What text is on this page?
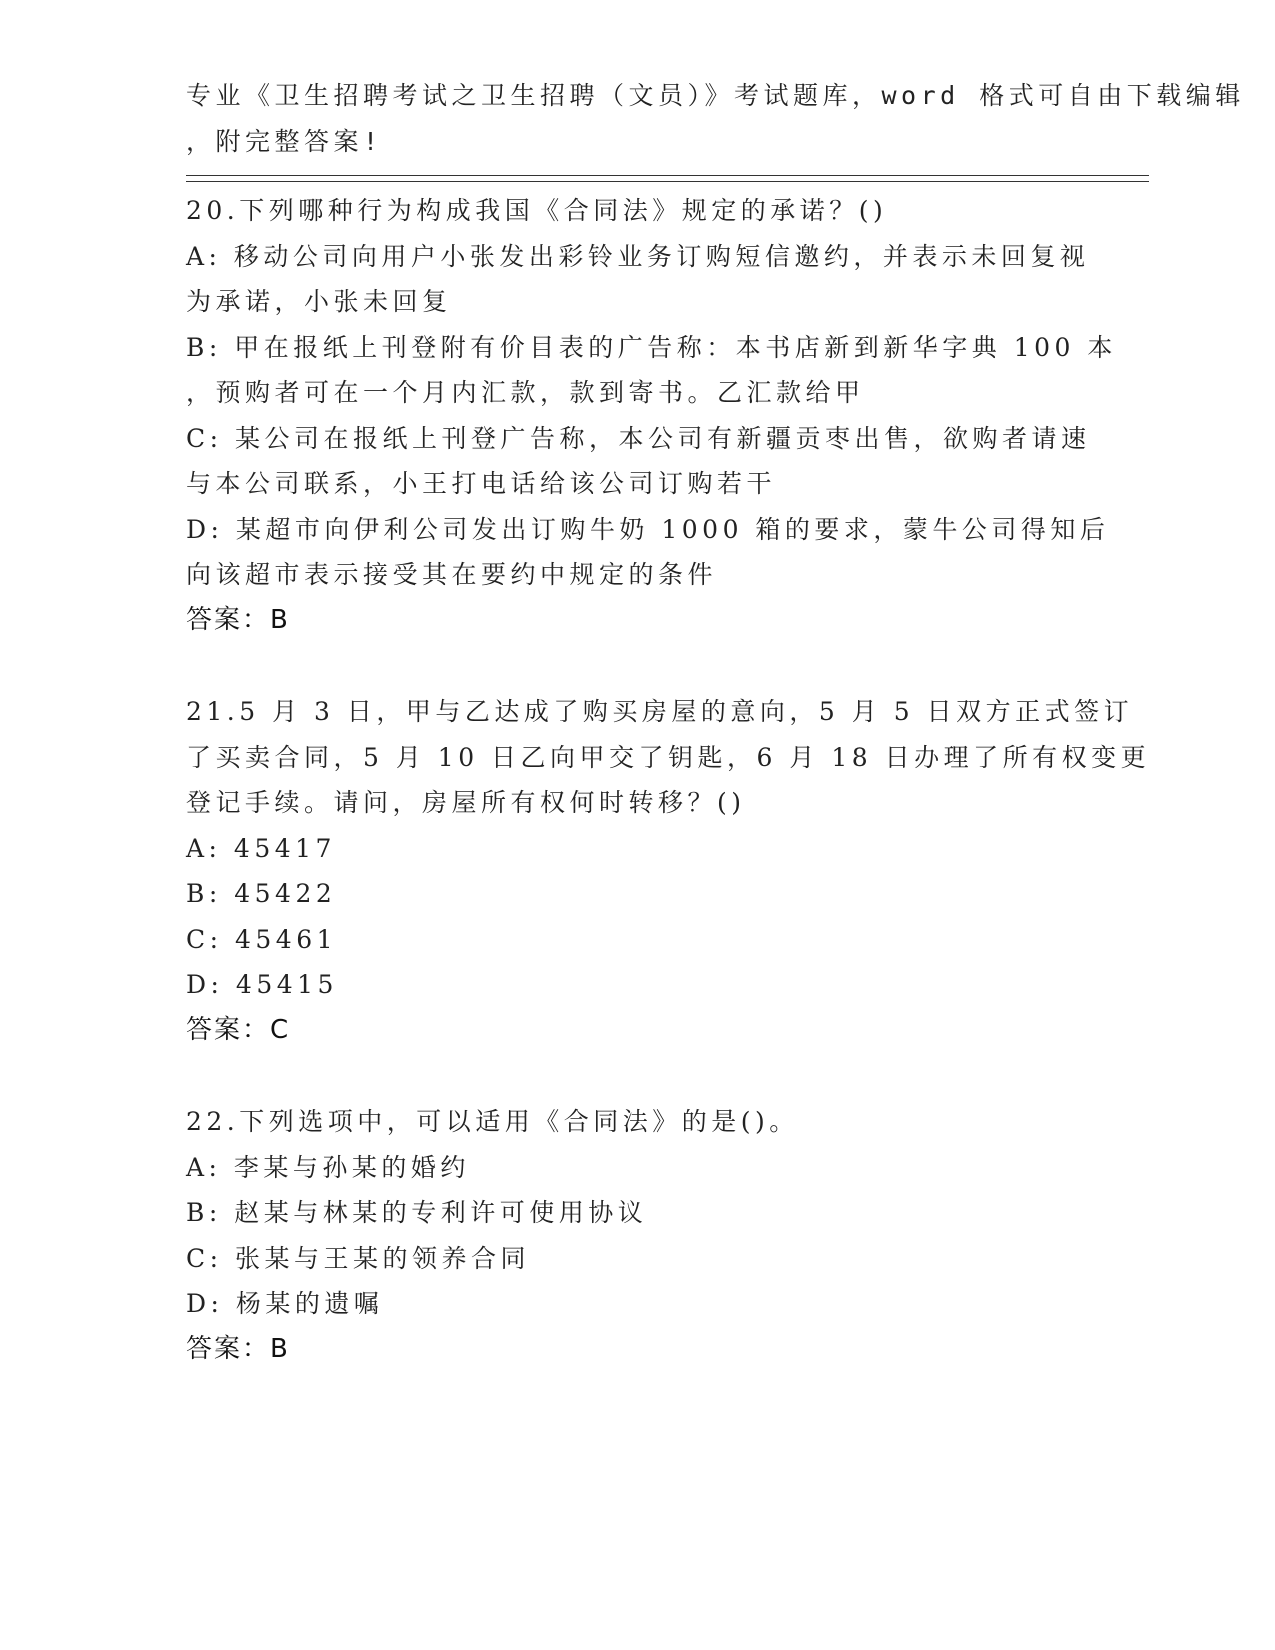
专业《卫生招聘考试之卫生招聘（文员）》考试题库，word 格式可自由下载编辑
，附完整答案!
20.下列哪种行为构成我国《合同法》规定的承诺？()
A: 移动公司向用户小张发出彩铃业务订购短信邀约，并表示未回复视
为承诺，小张未回复
B: 甲在报纸上刊登附有价目表的广告称：本书店新到新华字典 100 本
，预购者可在一个月内汇款，款到寄书。乙汇款给甲
C: 某公司在报纸上刊登广告称，本公司有新疆贡枣出售，欲购者请速
与本公司联系，小王打电话给该公司订购若干
D: 某超市向伊利公司发出订购牛奶 1000 箱的要求，蒙牛公司得知后
向该超市表示接受其在要约中规定的条件
答案：B
21.5 月 3 日，甲与乙达成了购买房屋的意向，5 月 5 日双方正式签订
了买卖合同，5 月 10 日乙向甲交了钥匙，6 月 18 日办理了所有权变更
登记手续。请问，房屋所有权何时转移？()
A: 45417
B: 45422
C: 45461
D: 45415
答案：C
22.下列选项中，可以适用《合同法》的是()。
A: 李某与孙某的婚约
B: 赵某与林某的专利许可使用协议
C: 张某与王某的领养合同
D: 杨某的遗嘱
答案：B
